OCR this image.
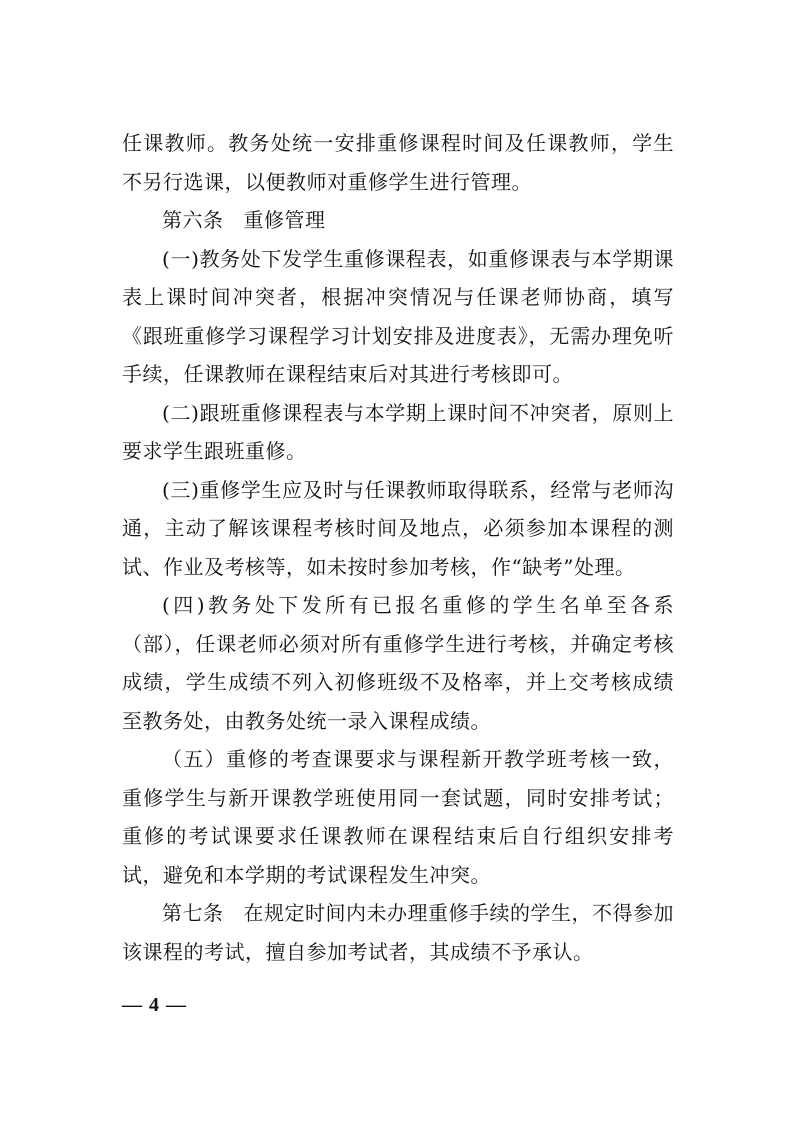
任课教师。教务处统一安排重修课程时间及任课教师，学生不另行选课，以便教师对重修学生进行管理。

第六条 重修管理

(一)教务处下发学生重修课程表，如重修课表与本学期课表上课时间冲突者，根据冲突情况与任课老师协商，填写《跟班重修学习课程学习计划安排及进度表》，无需办理免听手续，任课教师在课程结束后对其进行考核即可。

(二)跟班重修课程表与本学期上课时间不冲突者，原则上要求学生跟班重修。

(三)重修学生应及时与任课教师取得联系，经常与老师沟通，主动了解该课程考核时间及地点，必须参加本课程的测试、作业及考核等，如未按时参加考核，作“缺考”处理。

(四)教务处下发所有已报名重修的学生名单至各系（部），任课老师必须对所有重修学生进行考核，并确定考核成绩，学生成绩不列入初修班级不及格率，并上交考核成绩至教务处，由教务处统一录入课程成绩。

（五）重修的考查课要求与课程新开教学班考核一致，重修学生与新开课教学班使用同一套试题，同时安排考试；重修的考试课要求任课教师在课程结束后自行组织安排考试，避免和本学期的考试课程发生冲突。

第七条 在规定时间内未办理重修手续的学生，不得参加该课程的考试，擅自参加考试者，其成绩不予承认。

— 4 —
